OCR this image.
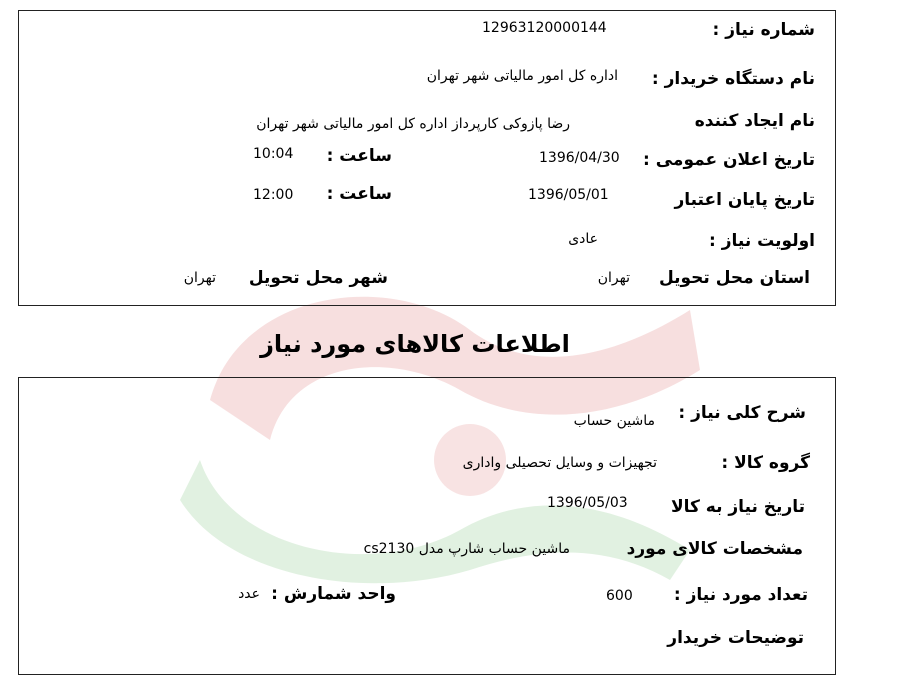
شماره نیاز :
12963120000144
نام دستگاه خریدار :
اداره کل امور مالیاتی شهر تهران
نام ایجاد کننده
رضا پازوکی کارپرداز اداره کل امور مالیاتی شهر تهران
تاریخ اعلان عمومی :
1396/04/30
ساعت :
10:04
تاریخ پایان اعتبار
1396/05/01
ساعت :
12:00
اولویت نیاز :
عادی
استان محل تحویل
تهران
شهر محل تحویل
تهران
اطلاعات کالاهای مورد نیاز
شرح کلی نیاز :
ماشین حساب
گروه کالا :
تجهیزات و وسایل تحصیلی واداری
تاریخ نیاز به کالا
1396/05/03
مشخصات کالای مورد
ماشین حساب شارپ مدل cs2130
تعداد مورد نیاز :
600
واحد شمارش :
عدد
توضیحات خریدار
